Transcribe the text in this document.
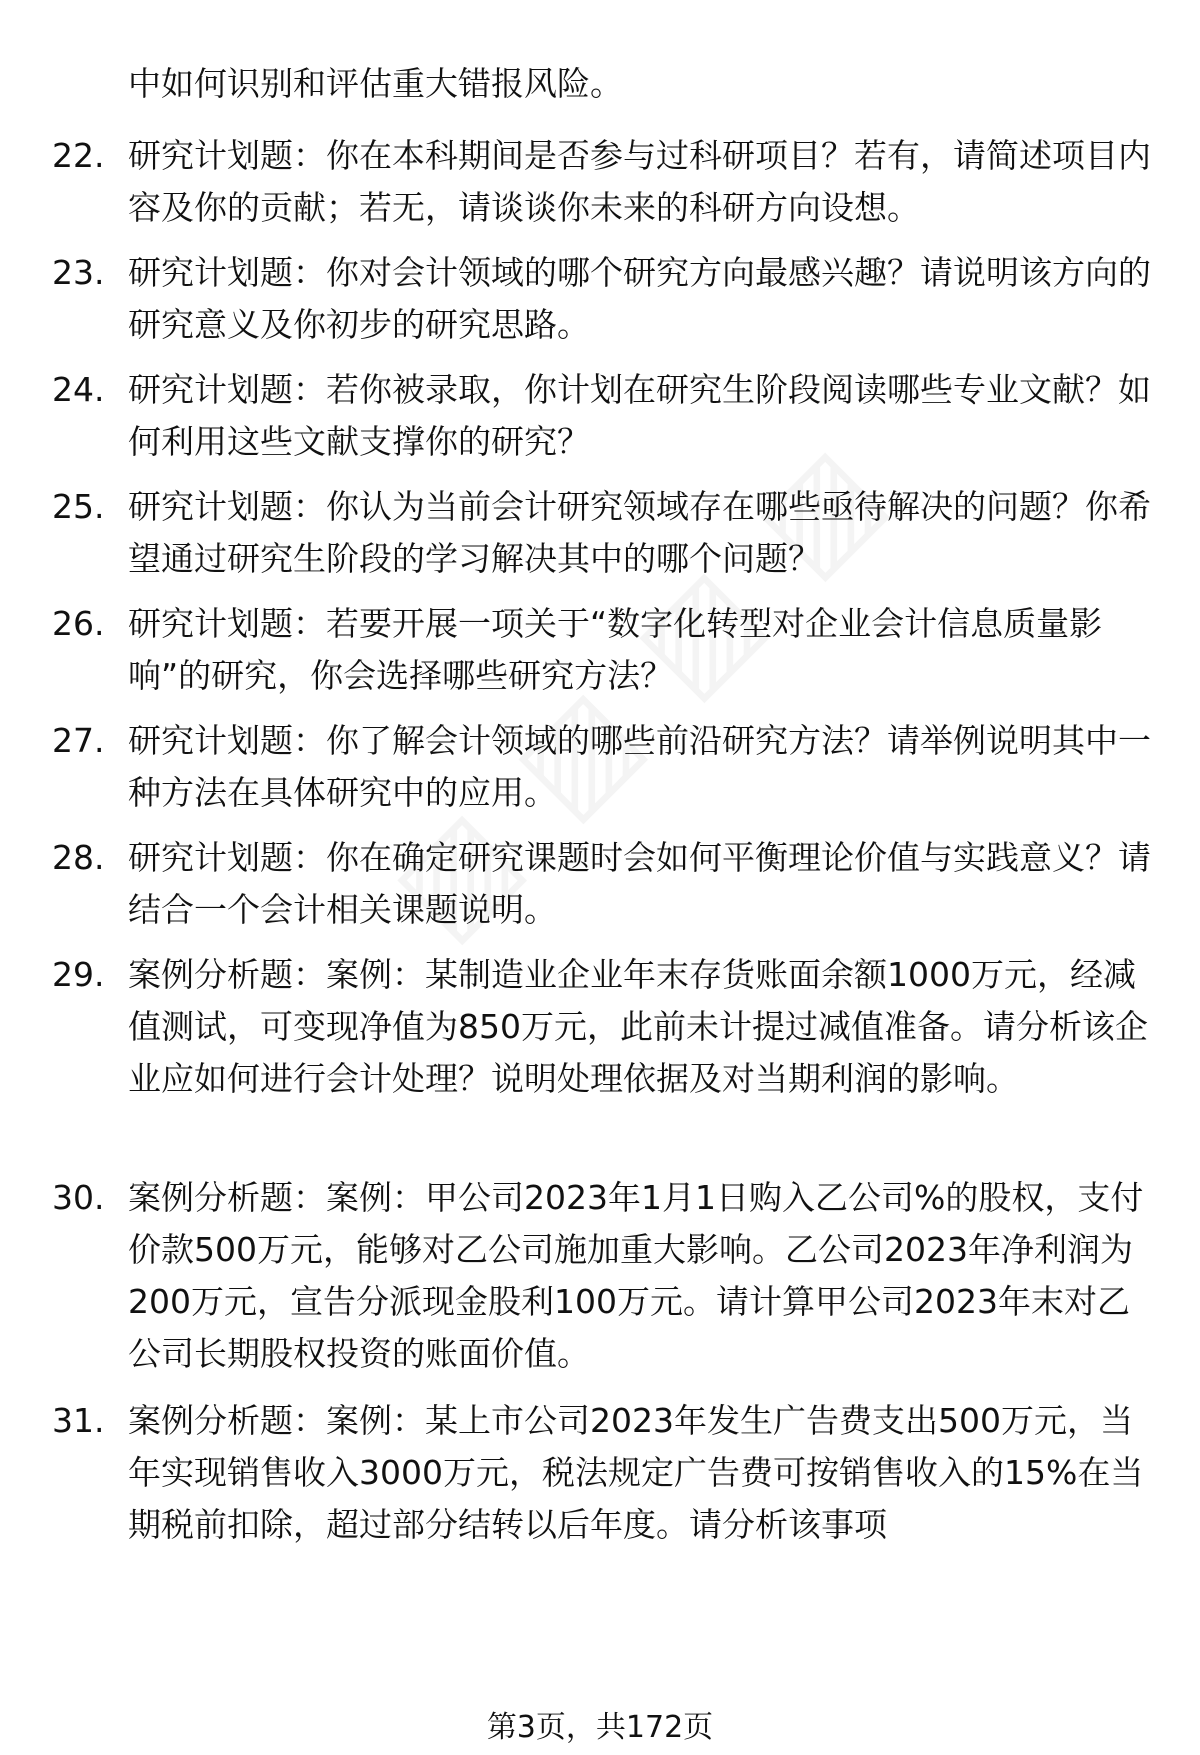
中如何识别和评估重大错报风险。
22. 研究计划题：你在本科期间是否参与过科研项目？若有，请简述项目内容及你的贡献；若无，请谈谈你未来的科研方向设想。
23. 研究计划题：你对会计领域的哪个研究方向最感兴趣？请说明该方向的研究意义及你初步的研究思路。
24. 研究计划题：若你被录取，你计划在研究生阶段阅读哪些专业文献？如何利用这些文献支撑你的研究？
25. 研究计划题：你认为当前会计研究领域存在哪些亟待解决的问题？你希望通过研究生阶段的学习解决其中的哪个问题？
26. 研究计划题：若要开展一项关于“数字化转型对企业会计信息质量影响”的研究，你会选择哪些研究方法？
27. 研究计划题：你了解会计领域的哪些前沿研究方法？请举例说明其中一种方法在具体研究中的应用。
28. 研究计划题：你在确定研究课题时会如何平衡理论价值与实践意义？请结合一个会计相关课题说明。
29. 案例分析题：案例：某制造业企业年末存货账面余额1000万元，经减值测试，可变现净值为850万元，此前未计提过减值准备。请分析该企业应如何进行会计处理？说明处理依据及对当期利润的影响。
30. 案例分析题：案例：甲公司2023年1月1日购入乙公司%的股权，支付价款500万元，能够对乙公司施加重大影响。乙公司2023年净利润为200万元，宣告分派现金股利100万元。请计算甲公司2023年末对乙公司长期股权投资的账面价值。
31. 案例分析题：案例：某上市公司2023年发生广告费支出500万元，当年实现销售收入3000万元，税法规定广告费可按销售收入的15%在当期税前扣除，超过部分结转以后年度。请分析该事项
第3页，共172页
